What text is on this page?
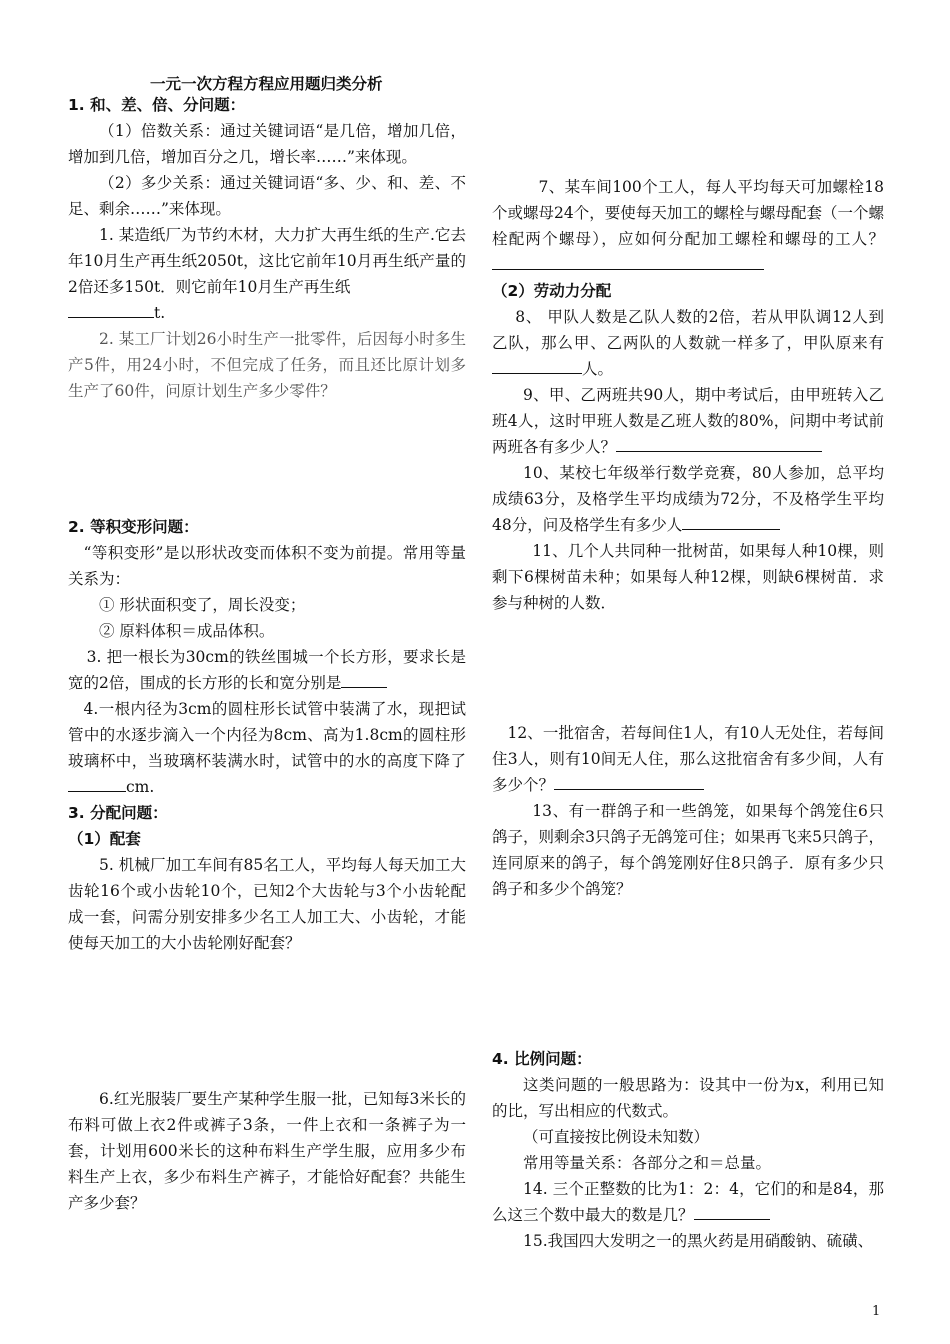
一元一次方程方程应用题归类分析

1. 和、差、倍、分问题：

（1）倍数关系：通过关键词语“是几倍，增加几倍，增加到几倍，增加百分之几，增长率……”来体现。

（2）多少关系：通过关键词语“多、少、和、差、不足、剩余……”来体现。

1. 某造纸厂为节约木材，大力扩大再生纸的生产.它去年10月生产再生纸2050t，这比它前年10月再生纸产量的2倍还多150t．则它前年10月生产再生纸
t.

2. 某工厂计划26小时生产一批零件，后因每小时多生产5件，用24小时，不但完成了任务，而且还比原计划多生产了60件，问原计划生产多少零件？

2. 等积变形问题：

“等积变形”是以形状改变而体积不变为前提。常用等量关系为：

① 形状面积变了，周长没变；

② 原料体积＝成品体积。

3. 把一根长为30cm的铁丝围城一个长方形，要求长是宽的2倍，围成的长方形的长和宽分别是

4.一根内径为3cm的圆柱形长试管中装满了水，现把试管中的水逐步滴入一个内径为8cm、高为1.8cm的圆柱形玻璃杯中，当玻璃杯装满水时，试管中的水的高度下降了cm.

3. 分配问题：

（1）配套

5. 机械厂加工车间有85名工人，平均每人每天加工大齿轮16个或小齿轮10个，已知2个大齿轮与3个小齿轮配成一套，问需分别安排多少名工人加工大、小齿轮，才能使每天加工的大小齿轮刚好配套？

6.红光服装厂要生产某种学生服一批，已知每3米长的布料可做上衣2件或裤子3条，一件上衣和一条裤子为一套，计划用600米长的这种布料生产学生服，应用多少布料生产上衣，多少布料生产裤子，才能恰好配套？共能生产多少套？

7、某车间100个工人，每人平均每天可加螺栓18个或螺母24个，要使每天加工的螺栓与螺母配套（一个螺栓配两个螺母），应如何分配加工螺栓和螺母的工人？

（2）劳动力分配

8、 甲队人数是乙队人数的2倍，若从甲队调12人到乙队，那么甲、乙两队的人数就一样多了，甲队原来有人。

9、甲、乙两班共90人，期中考试后，由甲班转入乙班4人，这时甲班人数是乙班人数的80%，问期中考试前两班各有多少人？

10、某校七年级举行数学竞赛，80人参加，总平均成绩63分，及格学生平均成绩为72分，不及格学生平均48分，问及格学生有多少人

11、几个人共同种一批树苗，如果每人种10棵，则剩下6棵树苗未种；如果每人种12棵，则缺6棵树苗．求参与种树的人数．

12、一批宿舍，若每间住1人，有10人无处住，若每间住3人，则有10间无人住，那么这批宿舍有多少间，人有多少个？

13、有一群鸽子和一些鸽笼，如果每个鸽笼住6只鸽子，则剩余3只鸽子无鸽笼可住；如果再飞来5只鸽子，连同原来的鸽子，每个鸽笼刚好住8只鸽子．原有多少只鸽子和多少个鸽笼？

4. 比例问题：

这类问题的一般思路为：设其中一份为x，利用已知的比，写出相应的代数式。

（可直接按比例设未知数）

常用等量关系：各部分之和＝总量。

14. 三个正整数的比为1：2：4，它们的和是84，那么这三个数中最大的数是几？

15.我国四大发明之一的黑火药是用硝酸钠、硫磺、

1
